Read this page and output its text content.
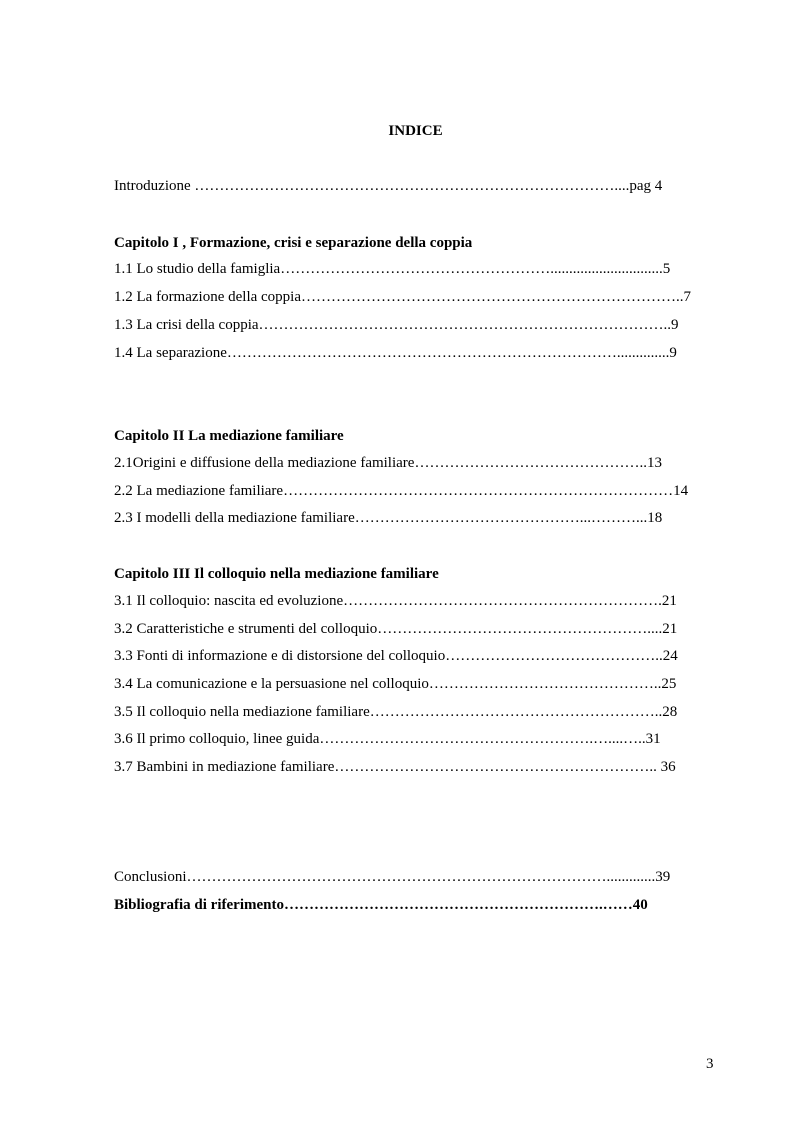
INDICE
Introduzione …………………………………………………………………………....pag 4
Capitolo I , Formazione, crisi e separazione della coppia
1.1 Lo studio della famiglia………………………………………………..............................5
1.2 La formazione della coppia…………………………………………………………………..7
1.3 La crisi della coppia………………………………………………………………………..9
1.4 La separazione……………………………………………………………………..............9
Capitolo II La mediazione familiare
2.1Origini e diffusione della mediazione familiare………………………………………..13
2.2 La mediazione familiare……………………………………………………………………14
2.3 I modelli della mediazione familiare………………………………………...………...18
Capitolo III Il colloquio nella mediazione familiare
3.1 Il colloquio: nascita ed evoluzione……………………………………………………….21
3.2 Caratteristiche e strumenti del colloquio………………………………………………....21
3.3 Fonti di informazione e di distorsione del colloquio……………………………………..24
3.4 La comunicazione e la persuasione nel colloquio………………………………………..25
3.5 Il colloquio nella mediazione familiare…………………………………………………..28
3.6 Il primo colloquio, linee guida……………………………………………….…....…..31
3.7 Bambini in mediazione familiare……………………………………………………….. 36
Conclusioni………………………………………………………………………….............39
Bibliografia di riferimento……………………………………………………….……40
3
